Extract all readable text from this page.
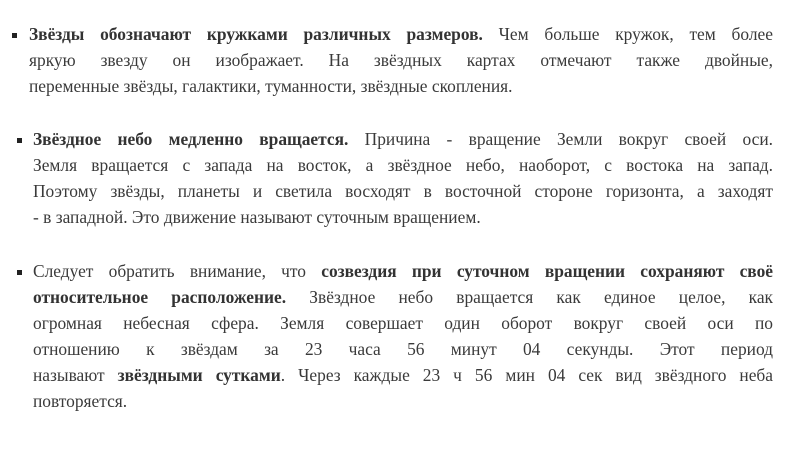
Звёзды обозначают кружками различных размеров. Чем больше кружок, тем более
яркую звезду он изображает. На звёздных картах отмечают также двойные,
переменные звёзды, галактики, туманности, звёздные скопления.
Звёздное небо медленно вращается. Причина - вращение Земли вокруг своей оси.
Земля вращается с запада на восток, а звёздное небо, наоборот, с востока на запад.
Поэтому звёзды, планеты и светила восходят в восточной стороне горизонта, а заходят
- в западной. Это движение называют суточным вращением.
Следует обратить внимание, что созвездия при суточном вращении сохраняют своё
относительное расположение. Звёздное небо вращается как единое целое, как
огромная небесная сфера. Земля совершает один оборот вокруг своей оси по
отношению к звёздам за 23 часа 56 минут 04 секунды. Этот период
называют звёздными сутками. Через каждые 23 ч 56 мин 04 сек вид звёздного неба
повторяется.
